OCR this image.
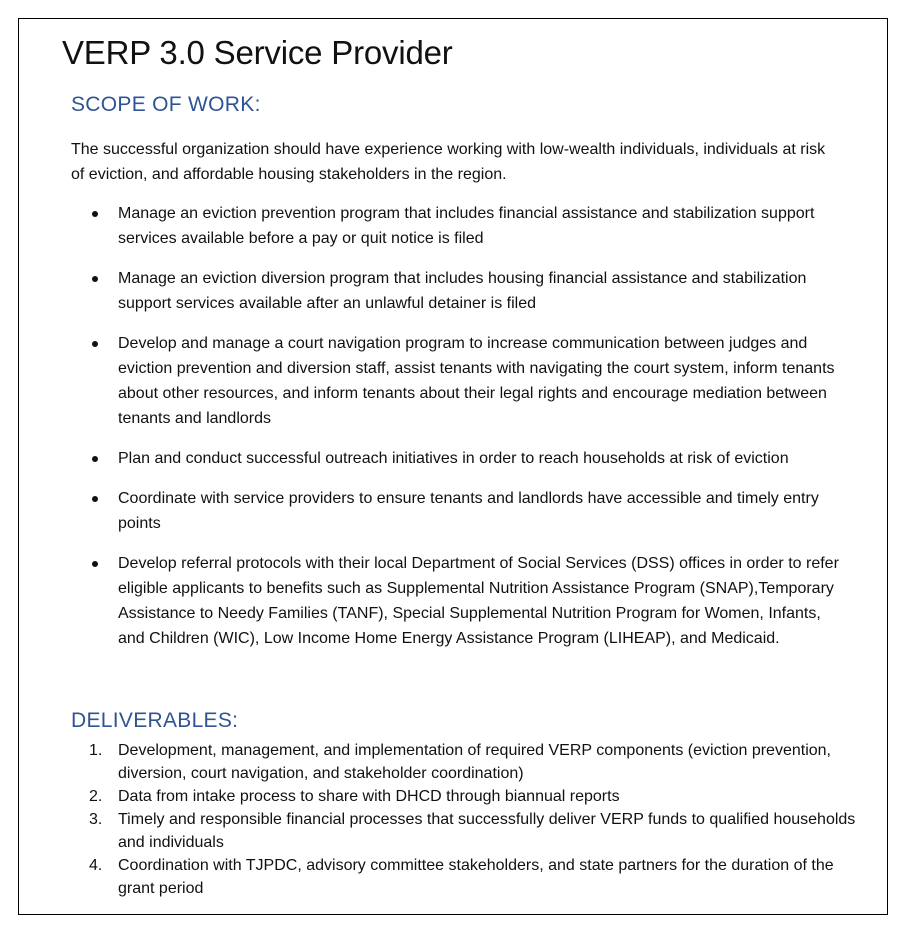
VERP 3.0 Service Provider
SCOPE OF WORK:

The successful organization should have experience working with low-wealth individuals, individuals at risk of eviction, and affordable housing stakeholders in the region.

Manage an eviction prevention program that includes financial assistance and stabilization support services available before a pay or quit notice is filed
Manage an eviction diversion program that includes housing financial assistance and stabilization support services available after an unlawful detainer is filed
Develop and manage a court navigation program to increase communication between judges and eviction prevention and diversion staff, assist tenants with navigating the court system, inform tenants about other resources, and inform tenants about their legal rights and encourage mediation between tenants and landlords
Plan and conduct successful outreach initiatives in order to reach households at risk of eviction
Coordinate with service providers to ensure tenants and landlords have accessible and timely entry points
Develop referral protocols with their local Department of Social Services (DSS) offices in order to refer eligible applicants to benefits such as Supplemental Nutrition Assistance Program (SNAP),Temporary Assistance to Needy Families (TANF), Special Supplemental Nutrition Program for Women, Infants, and Children (WIC), Low Income Home Energy Assistance Program (LIHEAP), and Medicaid.
DELIVERABLES:
1. Development, management, and implementation of required VERP components (eviction prevention, diversion, court navigation, and stakeholder coordination)
2. Data from intake process to share with DHCD through biannual reports
3. Timely and responsible financial processes that successfully deliver VERP funds to qualified households and individuals
4. Coordination with TJPDC, advisory committee stakeholders, and state partners for the duration of the grant period
